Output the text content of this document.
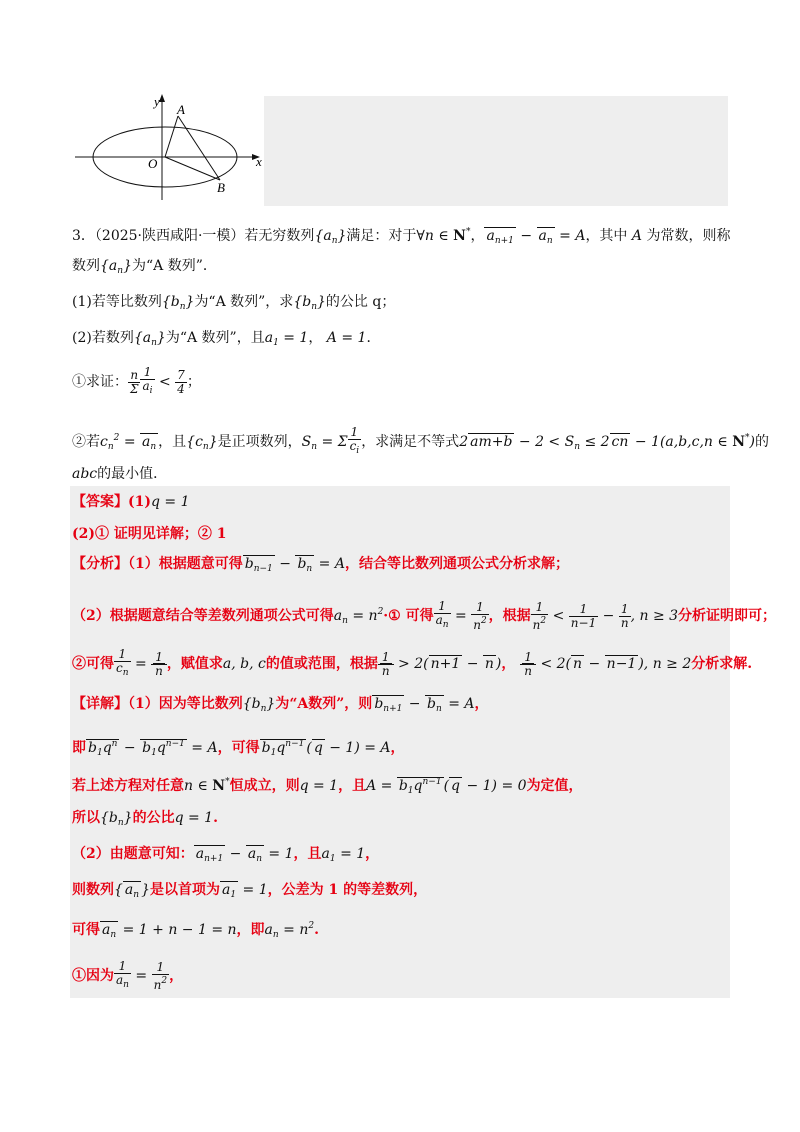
y
x
O
A
B
3．（2025·陕西咸阳·一模）若无穷数列$\{a_n\}$满足：对于∀n ∈ N*， $a_{n+1} - a_n = A$，其中 A 为常数，则称
数列$\{a_n\}$为“A 数列”．
(1)若等比数列$\{b_n\}$为“A 数列”，求$\{b_n\}$的公比 q；
(2)若数列$\{a_n\}$为“A 数列”，且$a_1 = 1$， A = 1．
①求证： $\frac{n}{\Sigma} \frac{1}{a_i} < \frac{7}{4}$ ；
②若$c_n^2 = a_n$ ，且$\{c_n\}$是正项数列，$S_n = \Sigma \frac{1}{c_i}$ ，求满足不等式2 $am+b - 2 < S_n \le 2$ cn − 1(a,b,c,n ∈ N*)的
abc的最小值．
【答案】(1)q = 1
(2)① 证明见详解；② 1
【分析】（1）根据题意可得 $b_{n-1} - b_n = A$，结合等比数列通项公式分析求解；
（2）根据题意结合等差数列通项公式可得$a_n$ = $n^2\cdot ①$ 可得 $\frac{1}{a_n} = \frac{1}{n^2}$ ，根据 $\frac{1}{n^2} < \frac{1}{n-1} - \frac{1}{n}$ , n ≥ 3分析证明即可；
②可得 $\frac{1}{c_n} = \frac{1}{n}$ ，赋值求a, b, c的值或范围，根据 $\frac{1}{n} > 2$( n+1 − n )， $\frac{1}{n} < 2$( n − n−1 ), n ≥ 2分析求解.
【详解】（1）因为等比数列$\{b_n\}$为“A数列”，则 $b_{n+1} - b_n = A$，
即 $b_1q^n - b_1q^{n-1} = A$，可得 $b_1q^{n-1}$ ( q − 1) = A，
若上述方程对任意n ∈ N*恒成立，则q = 1，且$A = b_1q^{n-1}$ ( q − 1) = 0为定值，
所以$\{b_n\}$的公比q = 1.
（2）由题意可知： $a_{n+1} - a_n = 1$，且$a_1 = 1$，
则数列{ $a_n$ }是以首项为 $a_1 = 1$，公差为 1 的等差数列，
可得 $a_n = 1 + n - 1 = n$，即$a_n = n^2$.
①因为 $\frac{1}{a_n} = \frac{1}{n^2}$ ，
